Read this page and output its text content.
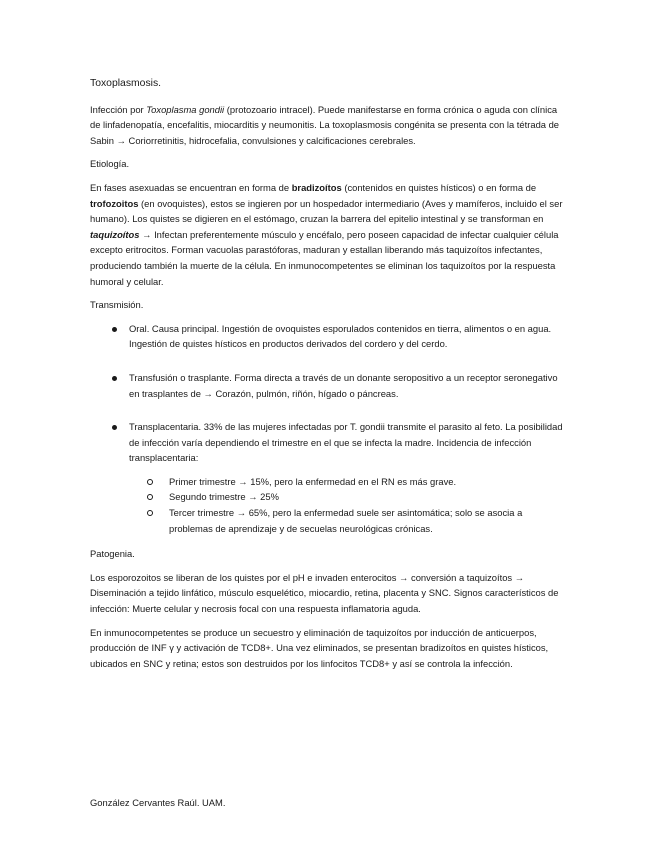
Toxoplasmosis.

Infección por Toxoplasma gondii (protozoario intracel). Puede manifestarse en forma crónica o aguda con clínica de linfadenopatía, encefalitis, miocarditis y neumonitis. La toxoplasmosis congénita se presenta con la tétrada de Sabin → Coriorretinitis, hidrocefalia, convulsiones y calcificaciones cerebrales.

Etiología.

En fases asexuadas se encuentran en forma de bradizoítos (contenidos en quistes hísticos) o en forma de trofozoitos (en ovoquistes), estos se ingieren por un hospedador intermediario (Aves y mamíferos, incluido el ser humano). Los quistes se digieren en el estómago, cruzan la barrera del epitelio intestinal y se transforman en taquizoítos → Infectan preferentemente músculo y encéfalo, pero poseen capacidad de infectar cualquier célula excepto eritrocitos. Forman vacuolas parastóforas, maduran y estallan liberando más taquizoítos infectantes, produciendo también la muerte de la célula. En inmunocompetentes se eliminan los taquizoítos por la respuesta humoral y celular.

Transmisión.
Oral. Causa principal. Ingestión de ovoquistes esporulados contenidos en tierra, alimentos o en agua. Ingestión de quistes hísticos en productos derivados del cordero y del cerdo.
Transfusión o trasplante. Forma directa a través de un donante seropositivo a un receptor seronegativo en trasplantes de → Corazón, pulmón, riñón, hígado o páncreas.
Transplacentaria. 33% de las mujeres infectadas por T. gondii transmite el parasito al feto. La posibilidad de infección varía dependiendo el trimestre en el que se infecta la madre. Incidencia de infección transplacentaria:
Primer trimestre → 15%, pero la enfermedad en el RN es más grave.
Segundo trimestre → 25%
Tercer trimestre → 65%, pero la enfermedad suele ser asintomática; solo se asocia a problemas de aprendizaje y de secuelas neurológicas crónicas.
Patogenia.

Los esporozoitos se liberan de los quistes por el pH e invaden enterocitos → conversión a taquizoítos → Diseminación a tejido linfático, músculo esquelético, miocardio, retina, placenta y SNC. Signos característicos de infección: Muerte celular y necrosis focal con una respuesta inflamatoria aguda.

En inmunocompetentes se produce un secuestro y eliminación de taquizoítos por inducción de anticuerpos, producción de INF γ y activación de TCD8+. Una vez eliminados, se presentan bradizoítos en quistes hísticos, ubicados en SNC y retina; estos son destruidos por los linfocitos TCD8+ y así se controla la infección.

González Cervantes Raúl. UAM.
